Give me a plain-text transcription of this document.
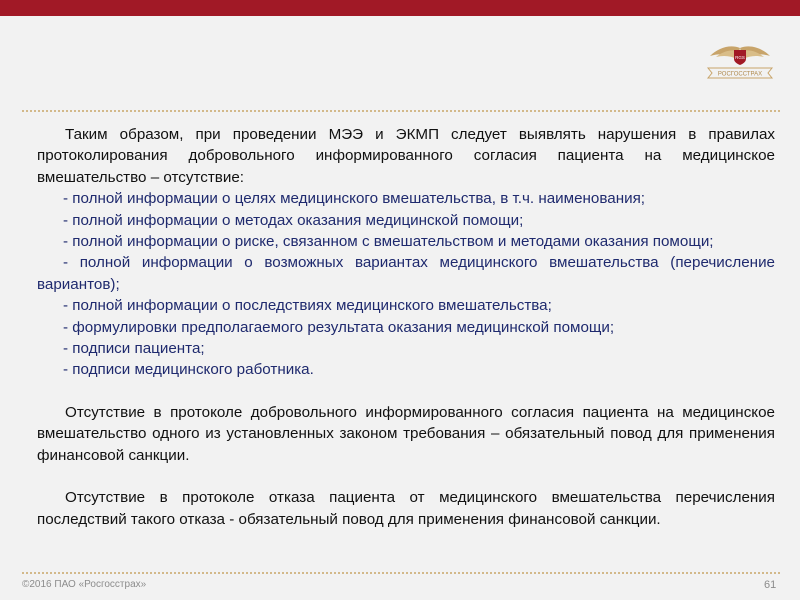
RGS
РОСГОССТРАХ

Таким образом, при проведении МЭЭ и ЭКМП следует выявлять нарушения в правилах протоколирования добровольного информированного согласия пациента на медицинское вмешательство – отсутствие:

- полной информации о целях медицинского вмешательства, в т.ч. наименования;

- полной информации о методах оказания медицинской помощи;

- полной информации о риске, связанном с вмешательством и методами оказания помощи;

- полной информации о возможных вариантах медицинского вмешательства (перечисление вариантов);

- полной информации о последствиях медицинского вмешательства;

- формулировки предполагаемого результата оказания медицинской помощи;

- подписи пациента;

- подписи медицинского работника.

Отсутствие в протоколе добровольного информированного согласия пациента на медицинское вмешательство одного из установленных законом требования – обязательный повод для применения финансовой санкции.

Отсутствие в протоколе отказа пациента от медицинского вмешательства перечисления последствий такого отказа - обязательный повод для применения финансовой санкции.

©2016 ПАО «Росгосстрах»	61
